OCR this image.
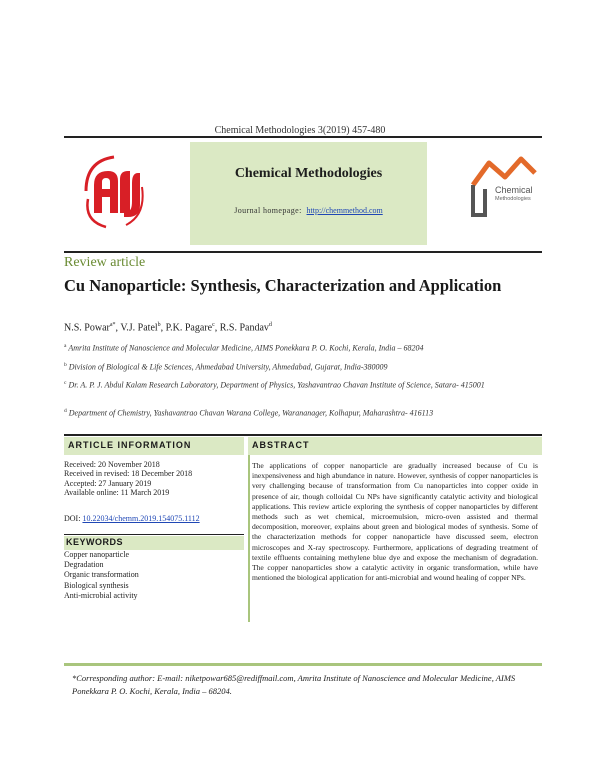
Chemical Methodologies 3(2019) 457-480
Chemical Methodologies
Journal homepage: http://chemmethod.com
Chemical
Methodologies
Review article
Cu Nanoparticle: Synthesis, Characterization and Application
N.S. Powar$^{a*}$, V.J. Patel$^b$, P.K. Pagare$^c$, R.S. Pandav$^d$
$^a$ Amrita Institute of Nanoscience and Molecular Medicine, AIMS Ponekkara P. O. Kochi, Kerala, India – 68204
$^b$ Division of Biological & Life Sciences, Ahmedabad University, Ahmedabad, Gujarat, India-380009
$^c$ Dr. A. P. J. Abdul Kalam Research Laboratory, Department of Physics, Yashavantrao Chavan Institute of Science, Satara- 415001
$^d$ Department of Chemistry, Yashavantrao Chavan Warana College, Warananager, Kolhapur, Maharashtra- 416113
ARTICLE INFORMATION
Received: 20 November 2018
Received in revised: 18 December 2018
Accepted: 27 January 2019
Available online: 11 March 2019
DOI: 10.22034/chemm.2019.154075.1112
KEYWORDS
Copper nanoparticle
Degradation
Organic transformation
Biological synthesis
Anti-microbial activity
ABSTRACT
The applications of copper nanoparticle are gradually increased because of Cu is inexpensiveness and high abundance in nature. However, synthesis of copper nanoparticles is very challenging because of transformation from Cu nanoparticles into copper oxide in presence of air, though colloidal Cu NPs have significantly catalytic activity and biological applications. This review article exploring the synthesis of copper nanoparticles by different methods such as wet chemical, microemulsion, micro-oven assisted and thermal decomposition, moreover, explains about green and biological modes of synthesis. Some of the characterization methods for copper nanoparticle have discussed seem, electron microscopes and X-ray spectroscopy. Furthermore, applications of degrading treatment of textile effluents containing methylene blue dye and expose the mechanism of degradation. The copper nanoparticles show a catalytic activity in organic transformation, while have mentioned the biological application for anti-microbial and wound healing of copper NPs.
*Corresponding author: E-mail: niketpowar685@rediffmail.com, Amrita Institute of Nanoscience and Molecular Medicine, AIMS Ponekkara P. O. Kochi, Kerala, India – 68204.
